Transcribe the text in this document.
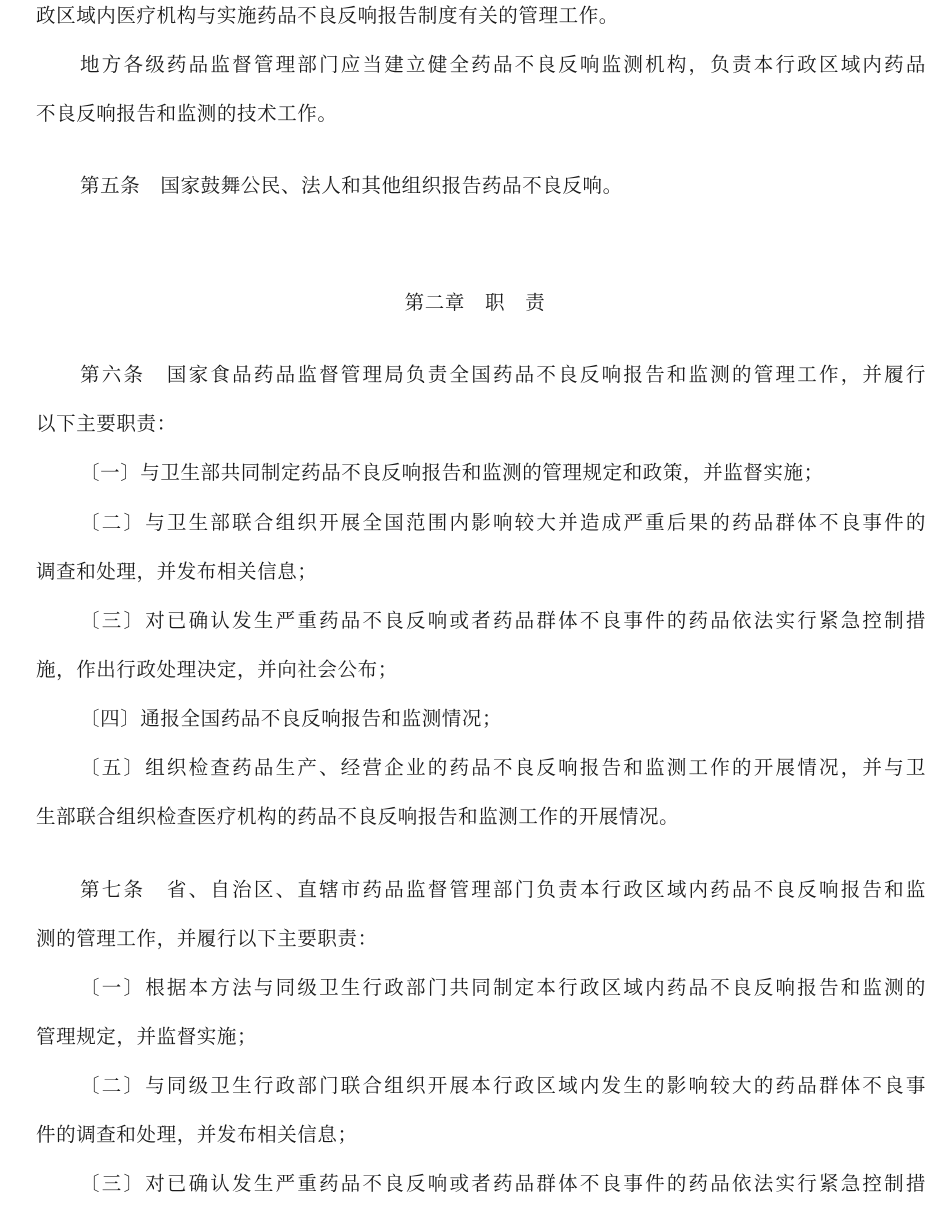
政区域内医疗机构与实施药品不良反响报告制度有关的管理工作。
地方各级药品监督管理部门应当建立健全药品不良反响监测机构，负责本行政区域内药品
不良反响报告和监测的技术工作。
第五条　国家鼓舞公民、法人和其他组织报告药品不良反响。
第二章　职　责
第六条　国家食品药品监督管理局负责全国药品不良反响报告和监测的管理工作，并履行
以下主要职责：
〔一〕与卫生部共同制定药品不良反响报告和监测的管理规定和政策，并监督实施；
〔二〕与卫生部联合组织开展全国范围内影响较大并造成严重后果的药品群体不良事件的
调查和处理，并发布相关信息；
〔三〕对已确认发生严重药品不良反响或者药品群体不良事件的药品依法实行紧急控制措
施，作出行政处理决定，并向社会公布；
〔四〕通报全国药品不良反响报告和监测情况；
〔五〕组织检查药品生产、经营企业的药品不良反响报告和监测工作的开展情况，并与卫
生部联合组织检查医疗机构的药品不良反响报告和监测工作的开展情况。
第七条　省、自治区、直辖市药品监督管理部门负责本行政区域内药品不良反响报告和监
测的管理工作，并履行以下主要职责：
〔一〕根据本方法与同级卫生行政部门共同制定本行政区域内药品不良反响报告和监测的
管理规定，并监督实施；
〔二〕与同级卫生行政部门联合组织开展本行政区域内发生的影响较大的药品群体不良事
件的调查和处理，并发布相关信息；
〔三〕对已确认发生严重药品不良反响或者药品群体不良事件的药品依法实行紧急控制措
